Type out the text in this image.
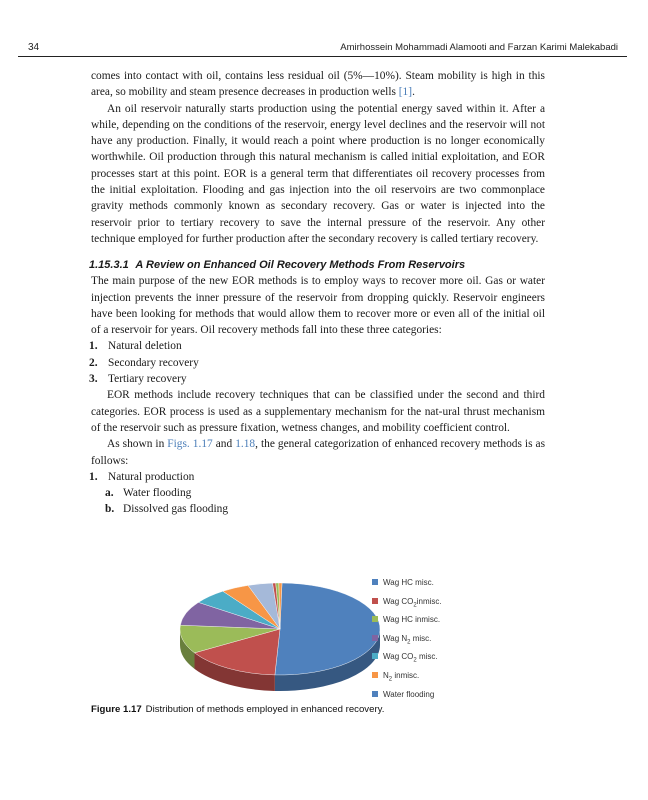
34	Amirhossein Mohammadi Alamooti and Farzan Karimi Malekabadi

comes into contact with oil, contains less residual oil (5%—10%). Steam mobility is high in this area, so mobility and steam presence decreases in production wells [1].

An oil reservoir naturally starts production using the potential energy saved within it. After a while, depending on the conditions of the reservoir, energy level declines and the reservoir will not have any production. Finally, it would reach a point where production is no longer economically worthwhile. Oil production through this natural mechanism is called initial exploitation, and EOR processes start at this point. EOR is a general term that differentiates oil recovery processes from the initial exploitation. Flooding and gas injection into the oil reservoirs are two commonplace gravity methods commonly known as secondary recovery. Gas or water is injected into the reservoir prior to tertiary recovery to save the internal pressure of the reservoir. Any other technique employed for further production after the secondary recovery is called tertiary recovery.

1.15.3.1 A Review on Enhanced Oil Recovery Methods From Reservoirs

The main purpose of the new EOR methods is to employ ways to recover more oil. Gas or water injection prevents the inner pressure of the reservoir from dropping quickly. Reservoir engineers have been looking for methods that would allow them to recover more or even all of the initial oil of a reservoir for years. Oil recovery methods fall into these three categories:

1. Natural deletion
2. Secondary recovery
3. Tertiary recovery

EOR methods include recovery techniques that can be classified under the second and third categories. EOR process is used as a supplementary mechanism for the nat-ural thrust mechanism of the reservoir such as pressure fixation, wetness changes, and mobility coefficient control.

As shown in Figs. 1.17 and 1.18, the general categorization of enhanced recovery methods is as follows:

1. Natural production
a. Water flooding
b. Dissolved gas flooding
Wag HC misc.
Wag $CO_2inmisc$.
Wag HC inmisc.
Wag $N_2$ misc.
Wag $CO_2$ misc.
$N_2$ inmisc.
Water flooding
Figure 1.17 Distribution of methods employed in enhanced recovery.
